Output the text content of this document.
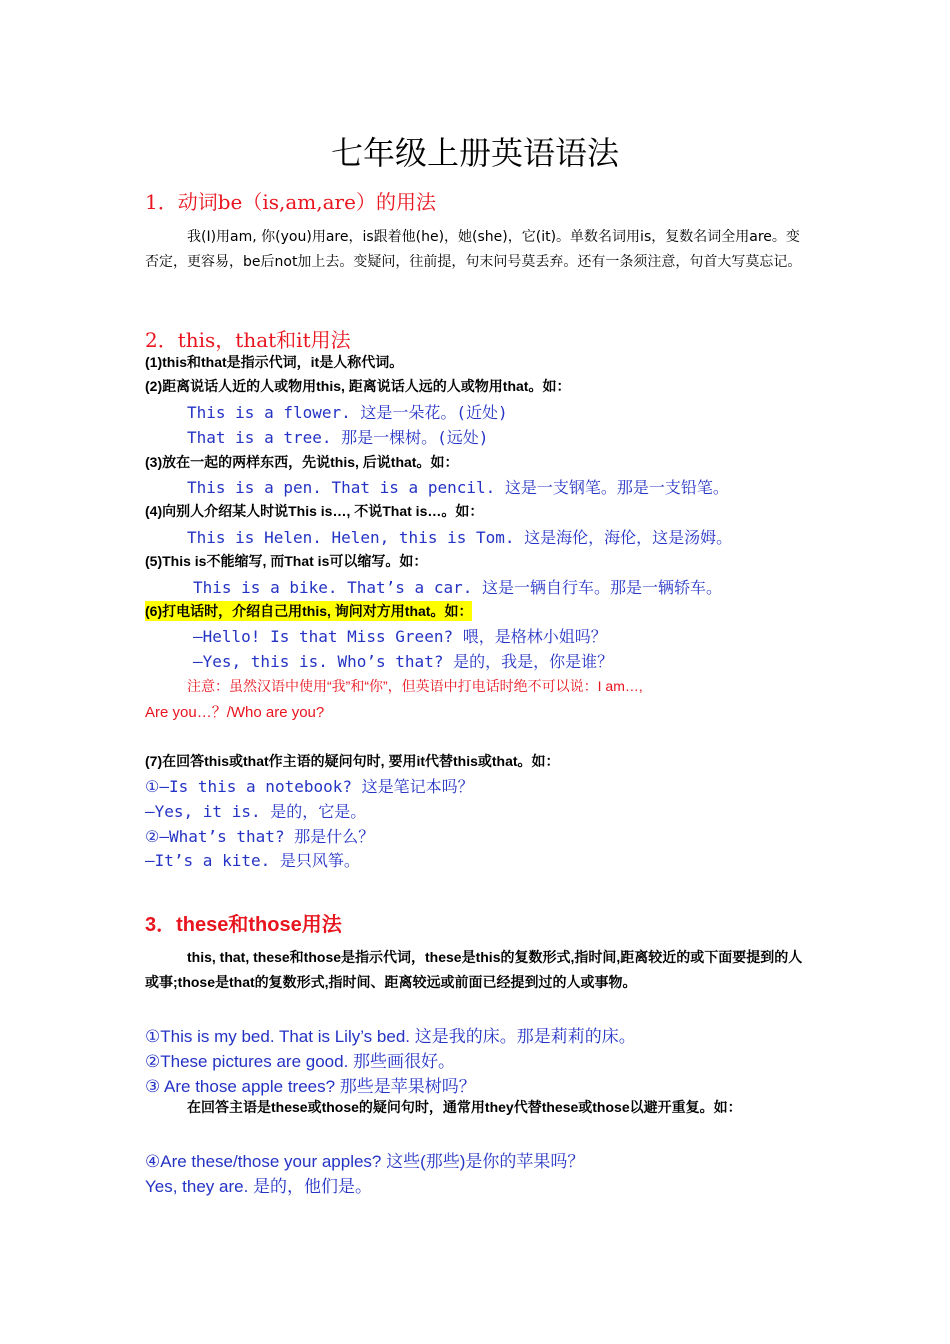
七年级上册英语语法
1．动词be（is,am,are）的用法
我(I)用am, 你(you)用are，is跟着他(he)，她(she)，它(it)。单数名词用is，复数名词全用are。变否定，更容易，be后not加上去。变疑问，往前提，句末问号莫丢弃。还有一条须注意，句首大写莫忘记。
2．this，that和it用法
(1)this和that是指示代词，it是人称代词。
(2)距离说话人近的人或物用this, 距离说话人远的人或物用that。如：
This is a flower. 这是一朵花。(近处)
That is a tree. 那是一棵树。(远处)
(3)放在一起的两样东西，先说this, 后说that。如：
This is a pen. That is a pencil. 这是一支钢笔。那是一支铅笔。
(4)向别人介绍某人时说This is…, 不说That is…。如：
This is Helen. Helen, this is Tom. 这是海伦，海伦，这是汤姆。
(5)This is不能缩写, 而That is可以缩写。如：
This is a bike. That’s a car. 这是一辆自行车。那是一辆轿车。
(6)打电话时，介绍自己用this, 询问对方用that。如：
—Hello! Is that Miss Green? 喂，是格林小姐吗？
—Yes, this is. Who’s that? 是的，我是，你是谁？
注意：虽然汉语中使用“我”和“你”，但英语中打电话时绝不可以说：I am…,
Are you…？/Who are you?
(7)在回答this或that作主语的疑问句时, 要用it代替this或that。如：
①—Is this a notebook? 这是笔记本吗？
—Yes, it is. 是的，它是。
②—What’s that? 那是什么？
—It’s a kite. 是只风筝。
3．these和those用法
this, that, these和those是指示代词，these是this的复数形式,指时间,距离较近的或下面要提到的人或事;those是that的复数形式,指时间、距离较远或前面已经提到过的人或事物。
①This is my bed. That is Lily’s bed. 这是我的床。那是莉莉的床。
②These pictures are good. 那些画很好。
③ Are those apple trees? 那些是苹果树吗？
在回答主语是these或those的疑问句时，通常用they代替these或those以避开重复。如：
④Are these/those your apples? 这些(那些)是你的苹果吗？
Yes, they are. 是的，他们是。
